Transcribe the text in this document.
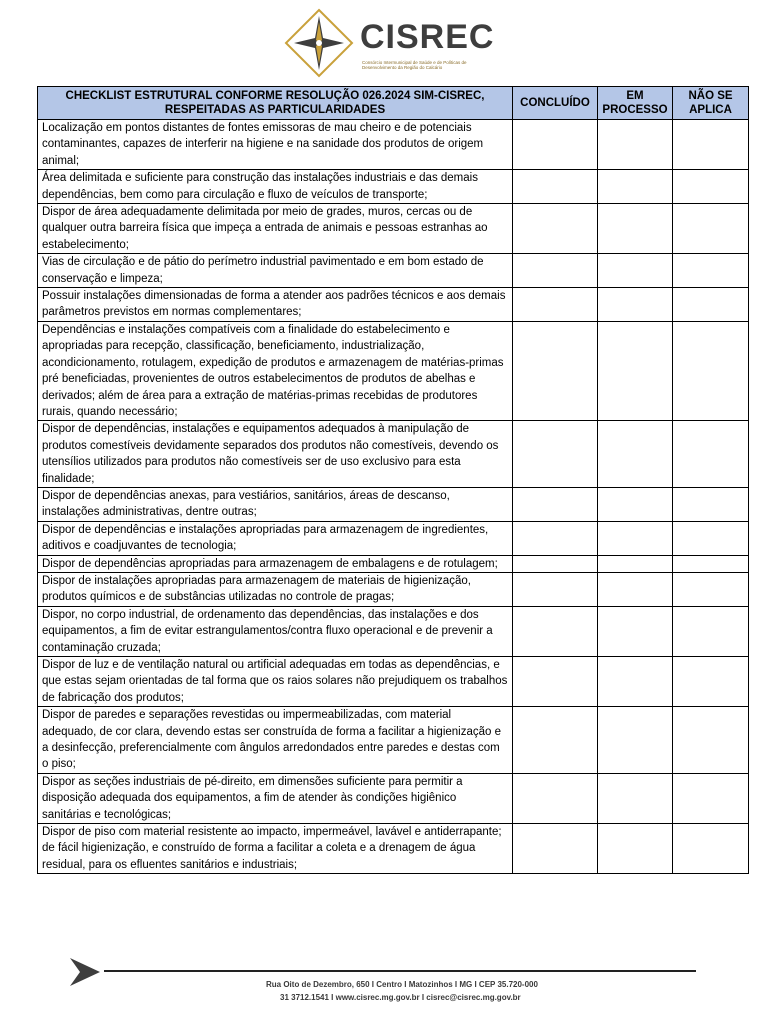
CISREC
Consórcio Intermunicipal de Saúde e de Políticas de Desenvolvimento da Região do Calcário
CHECKLIST ESTRUTURAL CONFORME RESOLUÇÃO 026.2024 SIM-CISREC, RESPEITADAS AS PARTICULARIDADES	CONCLUÍDO	EM PROCESSO	NÃO SE APLICA
Localização em pontos distantes de fontes emissoras de mau cheiro e de potenciais contaminantes, capazes de interferir na higiene e na sanidade dos produtos de origem animal;			
Área delimitada e suficiente para construção das instalações industriais e das demais dependências, bem como para circulação e fluxo de veículos de transporte;			
Dispor de área adequadamente delimitada por meio de grades, muros, cercas ou de qualquer outra barreira física que impeça a entrada de animais e pessoas estranhas ao estabelecimento;			
Vias de circulação e de pátio do perímetro industrial pavimentado e em bom estado de conservação e limpeza;			
Possuir instalações dimensionadas de forma a atender aos padrões técnicos e aos demais parâmetros previstos em normas complementares;			
Dependências e instalações compatíveis com a finalidade do estabelecimento e apropriadas para recepção, classificação, beneficiamento, industrialização, acondicionamento, rotulagem, expedição de produtos e armazenagem de matérias-primas pré beneficiadas, provenientes de outros estabelecimentos de produtos de abelhas e derivados; além de área para a extração de matérias-primas recebidas de produtores rurais, quando necessário;			
Dispor de dependências, instalações e equipamentos adequados à manipulação de produtos comestíveis devidamente separados dos produtos não comestíveis, devendo os utensílios utilizados para produtos não comestíveis ser de uso exclusivo para esta finalidade;			
Dispor de dependências anexas, para vestiários, sanitários, áreas de descanso, instalações administrativas, dentre outras;			
Dispor de dependências e instalações apropriadas para armazenagem de ingredientes, aditivos e coadjuvantes de tecnologia;			
Dispor de dependências apropriadas para armazenagem de embalagens e de rotulagem;			
Dispor de instalações apropriadas para armazenagem de materiais de higienização, produtos químicos e de substâncias utilizadas no controle de pragas;			
Dispor, no corpo industrial, de ordenamento das dependências, das instalações e dos equipamentos, a fim de evitar estrangulamentos/contra fluxo operacional e de prevenir a contaminação cruzada;			
Dispor de luz e de ventilação natural ou artificial adequadas em todas as dependências, e que estas sejam orientadas de tal forma que os raios solares não prejudiquem os trabalhos de fabricação dos produtos;			
Dispor de paredes e separações revestidas ou impermeabilizadas, com material adequado, de cor clara, devendo estas ser construída de forma a facilitar a higienização e a desinfecção, preferencialmente com ângulos arredondados entre paredes e destas com o piso;			
Dispor as seções industriais de pé-direito, em dimensões suficiente para permitir a disposição adequada dos equipamentos, a fim de atender às condições higiênico sanitárias e tecnológicas;			
Dispor de piso com material resistente ao impacto, impermeável, lavável e antiderrapante; de fácil higienização, e construído de forma a facilitar a coleta e a drenagem de água residual, para os efluentes sanitários e industriais;			
Rua Oito de Dezembro, 650 I Centro I Matozinhos I MG I CEP 35.720-000
31 3712.1541 I www.cisrec.mg.gov.br I cisrec@cisrec.mg.gov.br
